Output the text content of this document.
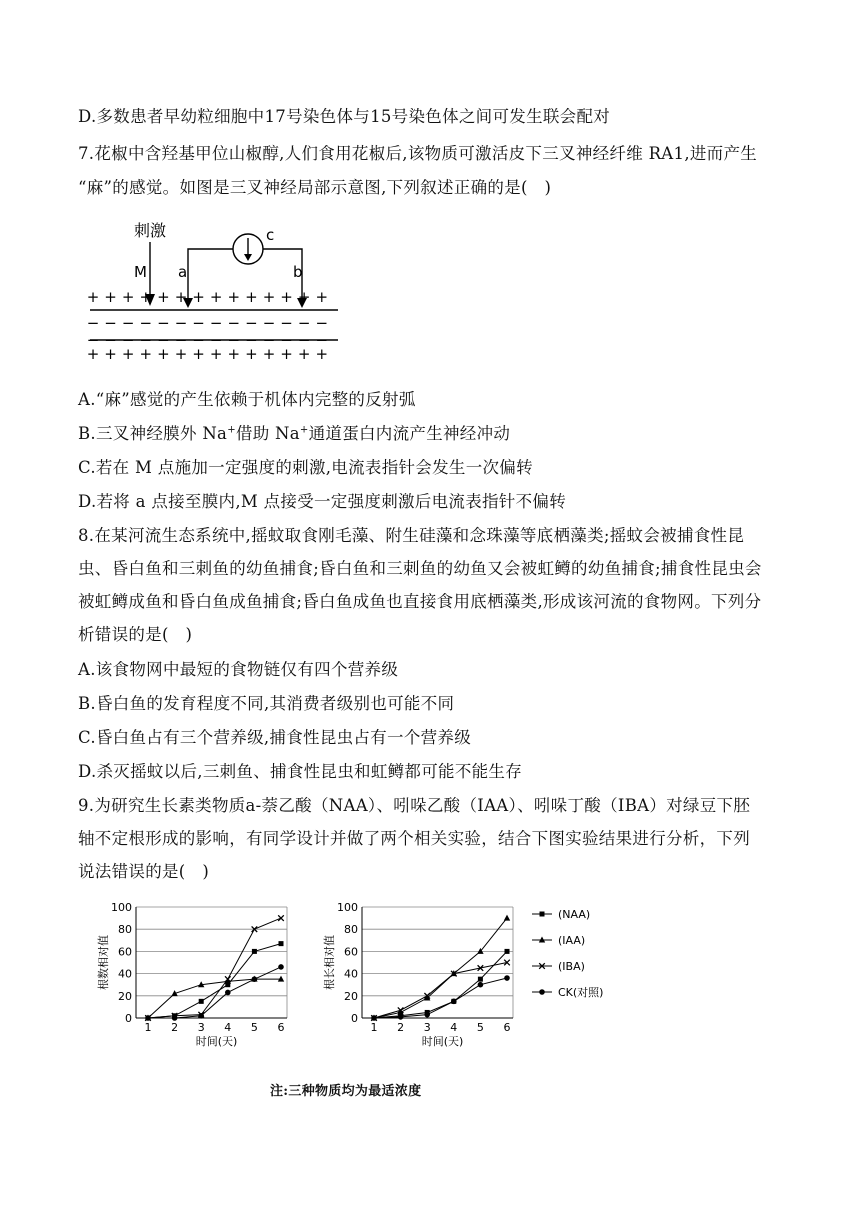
D.多数患者早幼粒细胞中17号染色体与15号染色体之间可发生联会配对
7.花椒中含羟基甲位山椒醇,人们食用花椒后,该物质可激活皮下三叉神经纤维 RA1,进而产生
“麻”的感觉。如图是三叉神经局部示意图,下列叙述正确的是(　)
刺激
M a	b
c
+ + + + + + + + + + + + + +
− − − − − − − − − − − − − −
− − − − − − − − − − − − − −
+ + + + + + + + + + + + + +
A.“麻”感觉的产生依赖于机体内完整的反射弧
B.三叉神经膜外 Na+借助 Na+通道蛋白内流产生神经冲动
C.若在 M 点施加一定强度的刺激,电流表指针会发生一次偏转
D.若将 a 点接至膜内,M 点接受一定强度刺激后电流表指针不偏转
8.在某河流生态系统中,摇蚊取食刚毛藻、附生硅藻和念珠藻等底栖藻类;摇蚊会被捕食性昆
虫、昏白鱼和三刺鱼的幼鱼捕食;昏白鱼和三刺鱼的幼鱼又会被虹鳟的幼鱼捕食;捕食性昆虫会
被虹鳟成鱼和昏白鱼成鱼捕食;昏白鱼成鱼也直接食用底栖藻类,形成该河流的食物网。下列分
析错误的是(　)
A.该食物网中最短的食物链仅有四个营养级
B.昏白鱼的发育程度不同,其消费者级别也可能不同
C.昏白鱼占有三个营养级,捕食性昆虫占有一个营养级
D.杀灭摇蚊以后,三刺鱼、捕食性昆虫和虹鳟都可能不能生存
9.为研究生长素类物质a-萘乙酸（NAA）、吲哚乙酸（IAA）、吲哚丁酸（IBA）对绿豆下胚
轴不定根形成的影响，有同学设计并做了两个相关实验，结合下图实验结果进行分析，下列
说法错误的是(　)
0
20
40
60
80
100
1 2 3 4 5 6
时间(天)
根数相对值
0
20
40
60
80
100
1 2 3 4 5 6
时间(天)
根长相对值
(NAA)
(IAA)
(IBA)
CK(对照)
注:三种物质均为最适浓度
